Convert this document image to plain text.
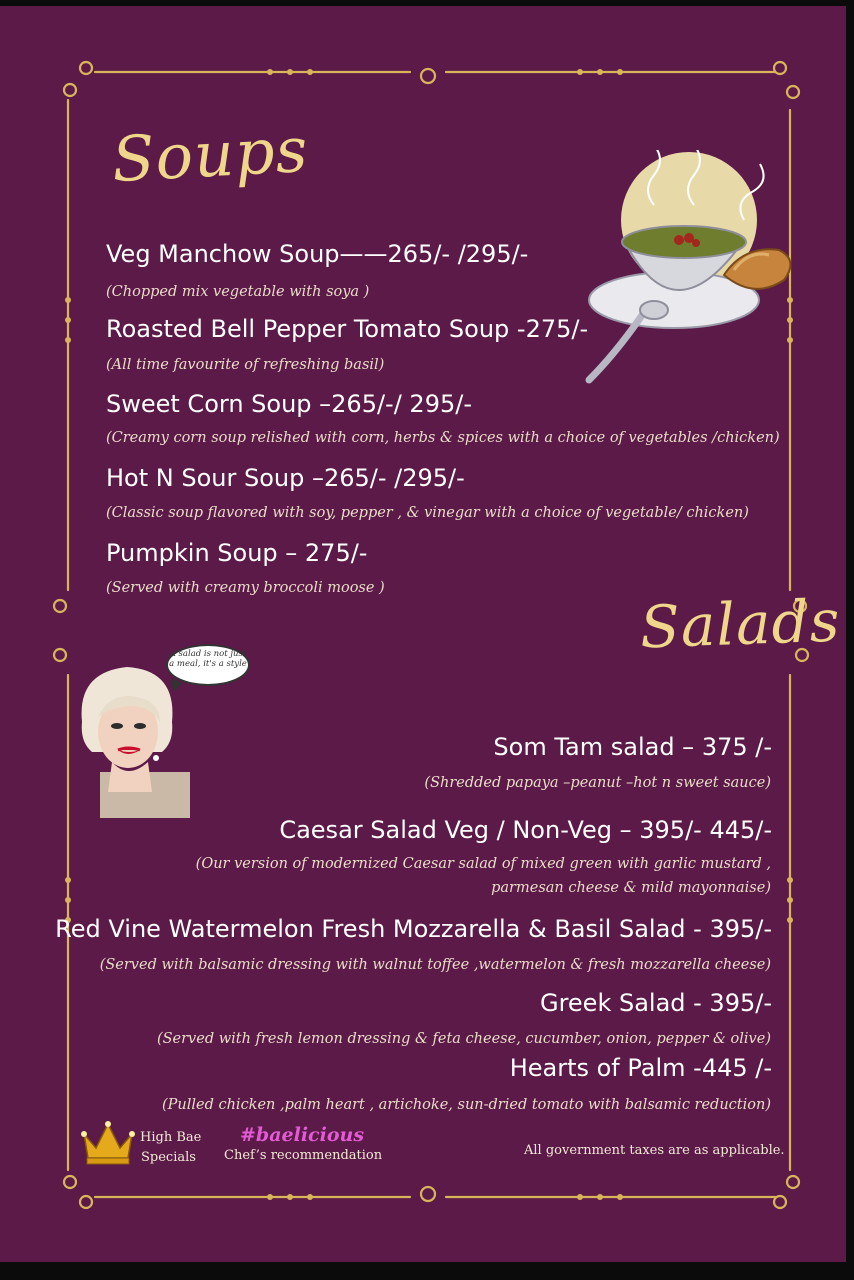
Soups
Veg Manchow Soup——265/- /295/-
(Chopped mix vegetable with soya )
Roasted Bell Pepper Tomato Soup -275/-
(All time favourite of refreshing basil)
Sweet Corn Soup –265/-/ 295/-
(Creamy corn soup relished with corn, herbs & spices with a choice of vegetables /chicken)
Hot N Sour Soup –265/- /295/-
(Classic soup flavored with soy, pepper , & vinegar with a choice of vegetable/ chicken)
Pumpkin Soup – 275/-
(Served with creamy broccoli moose )	Salads
A salad is not just a meal, it's a style
Som Tam salad – 375 /-
(Shredded papaya –peanut –hot n sweet sauce)
Caesar Salad Veg / Non-Veg – 395/- 445/-
(Our version of modernized Caesar salad of mixed green with garlic mustard ,
parmesan cheese & mild mayonnaise)
Red Vine Watermelon Fresh Mozzarella & Basil Salad - 395/-
(Served with balsamic dressing with walnut toffee ,watermelon & fresh mozzarella cheese)
Greek Salad - 395/-
(Served with fresh lemon dressing & feta cheese, cucumber, onion, pepper & olive)
Hearts of Palm -445 /-
(Pulled chicken ,palm heart , artichoke, sun-dried tomato with balsamic reduction)
High Bae
Specials
#baelicious
Chef’s recommendation	All government taxes are as applicable.
